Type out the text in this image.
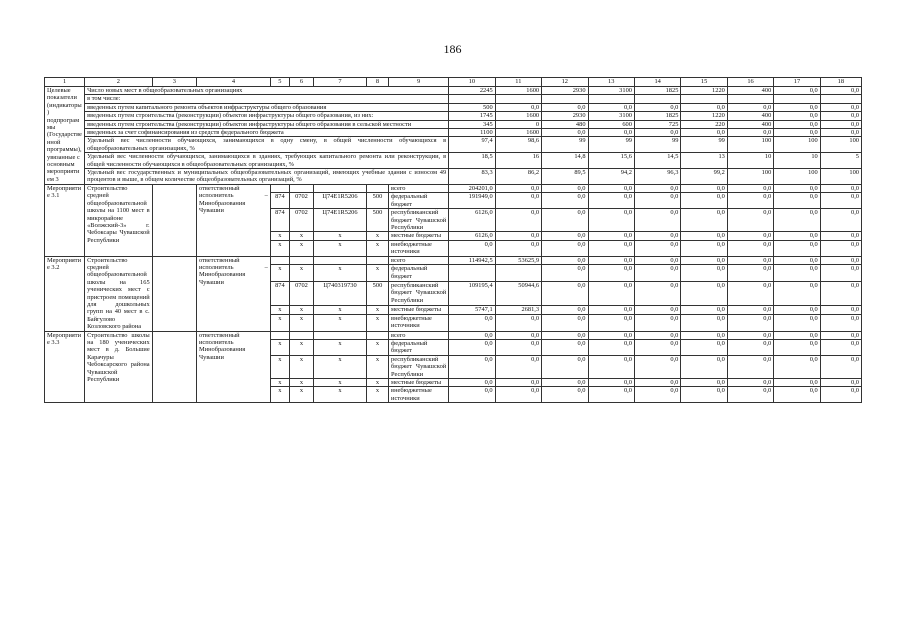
186
1	2	3	4	5	6	7	8	9	10	11	12	13	14	15	16	17	18
Целевые показатели (индикаторы) подпрограммы (Государственной программы), увязанные с основным мероприятием 3	Число новых мест в общеобразовательных организациях								2245	1600	2930	3100	1825	1220	400	0,0	0,0
	в том числе:																
	введенных путем капитального ремонта объектов инфраструктуры общего образования								500	0,0	0,0	0,0	0,0	0,0	0,0	0,0	0,0
	введенных путем строительства (реконструкции) объектов инфраструктуры общего образования, из них:								1745	1600	2930	3100	1825	1220	400	0,0	0,0
	введенных путем строительства (реконструкции) объектов инфраструктуры общего образования в сельской местности								345	0	480	600	725	220	400	0,0	0,0
	введенных за счет софинансирования из средств федерального бюджета								1100	1600	0,0	0,0	0,0	0,0	0,0	0,0	0,0
	Удельный вес численности обучающихся, занимающихся в одну смену, в общей численности обучающихся в общеобразовательных организациях, %								97,4	98,6	99	99	99	99	100	100	100
	Удельный вес численности обучающихся, занимающихся в зданиях, требующих капитального ремонта или реконструкции, в общей численности обучающихся в общеобразовательных организациях, %								18,5	16	14,8	15,6	14,5	13	10	10	5
	Удельный вес государственных и муниципальных общеобразовательных организаций, имеющих учебные здания с износом 49 процентов и выше, в общем количестве общеобразовательных организаций, %								83,3	86,2	89,5	94,2	96,3	99,2	100	100	100
Мероприятие 3.1	Строительство средней общеобразовательной школы на 1100 мест в микрорайоне «Волжский-3» г. Чебоксары Чувашской Республики		ответственный исполнитель – Минобразования Чувашии					всего	204201,0	0,0	0,0	0,0	0,0	0,0	0,0	0,0	0,0
				874	0702	Ц74Е1R5206	500	федеральный бюджет	191949,0	0,0	0,0	0,0	0,0	0,0	0,0	0,0	0,0
				874	0702	Ц74Е1R5206	500	республиканский бюджет Чувашской Республики	6126,0	0,0	0,0	0,0	0,0	0,0	0,0	0,0	0,0
				x	x	x	x	местные бюджеты	6126,0	0,0	0,0	0,0	0,0	0,0	0,0	0,0	0,0
				x	x	x	x	внебюджетные источники	0,0	0,0	0,0	0,0	0,0	0,0	0,0	0,0	0,0
Мероприятие 3.2	Строительство средней общеобразовательной школы на 165 ученических мест с пристроем помещений для дошкольных групп на 40 мест в с. Байгулово Козловского района		ответственный исполнитель – Минобразования Чувашии					всего	114942,5	53625,9	0,0	0,0	0,0	0,0	0,0	0,0	0,0
				x	x	x	x	федеральный бюджет			0,0	0,0	0,0	0,0	0,0	0,0	0,0
				874	0702	Ц740319730	500	республиканский бюджет Чувашской Республики	109195,4	50944,6	0,0	0,0	0,0	0,0	0,0	0,0	0,0
				x	x	x	x	местные бюджеты	5747,1	2681,3	0,0	0,0	0,0	0,0	0,0	0,0	0,0
				x	x	x	x	внебюджетные источники	0,0	0,0	0,0	0,0	0,0	0,0	0,0	0,0	0,0
Мероприятие 3.3	Строительство школы на 180 ученических мест в д. Большие Карачуры Чебоксарского района Чувашской Республики		ответственный исполнитель Минобразования Чувашии					всего	0,0	0,0	0,0	0,0	0,0	0,0	0,0	0,0	0,0
				x	x	x	x	федеральный бюджет	0,0	0,0	0,0	0,0	0,0	0,0	0,0	0,0	0,0
				x	x	x	x	республиканский бюджет Чувашской Республики	0,0	0,0	0,0	0,0	0,0	0,0	0,0	0,0	0,0
				x	x	x	x	местные бюджеты	0,0	0,0	0,0	0,0	0,0	0,0	0,0	0,0	0,0
				x	x	x	x	внебюджетные источники	0,0	0,0	0,0	0,0	0,0	0,0	0,0	0,0	0,0
